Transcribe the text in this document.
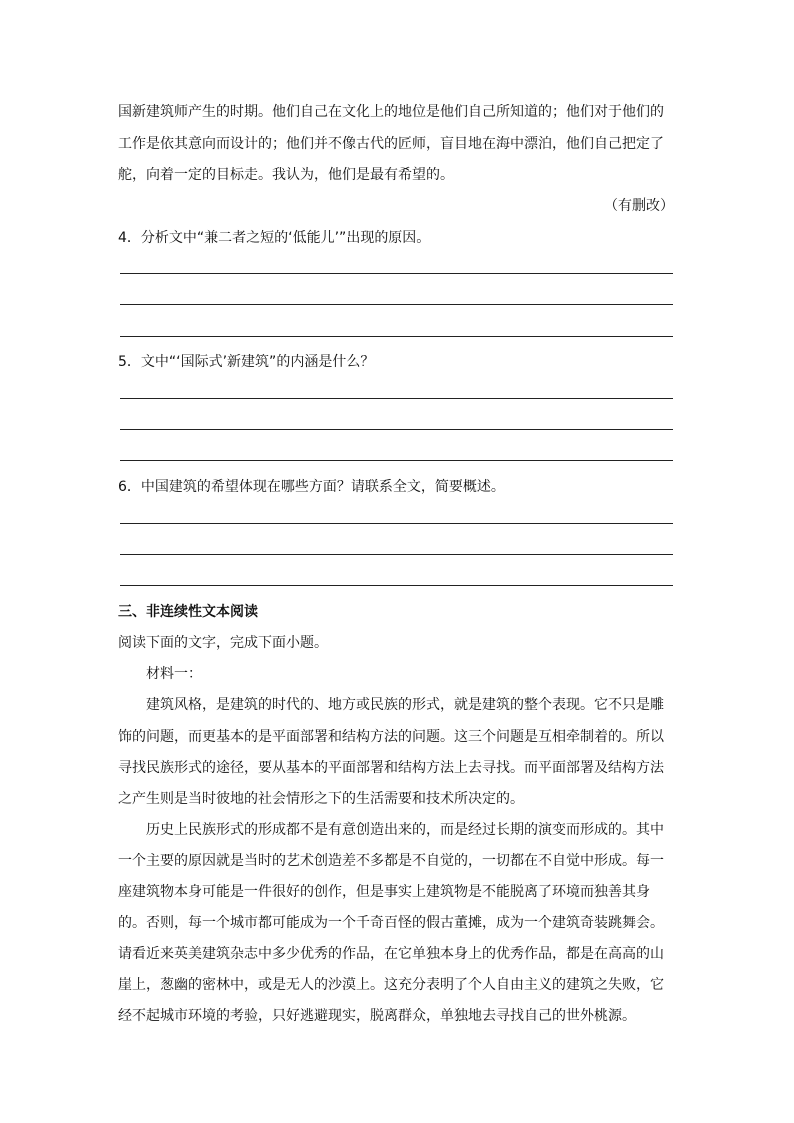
国新建筑师产生的时期。他们自己在文化上的地位是他们自己所知道的；他们对于他们的
工作是依其意向而设计的；他们并不像古代的匠师，盲目地在海中漂泊，他们自己把定了
舵，向着一定的目标走。我认为，他们是最有希望的。
（有删改）
4．分析文中“兼二者之短的‘低能儿’”出现的原因。
5．文中“‘国际式’新建筑”的内涵是什么？
6．中国建筑的希望体现在哪些方面？请联系全文，简要概述。
三、非连续性文本阅读
阅读下面的文字，完成下面小题。
材料一：
建筑风格，是建筑的时代的、地方或民族的形式，就是建筑的整个表现。它不只是雕
饰的问题，而更基本的是平面部署和结构方法的问题。这三个问题是互相牵制着的。所以
寻找民族形式的途径，要从基本的平面部署和结构方法上去寻找。而平面部署及结构方法
之产生则是当时彼地的社会情形之下的生活需要和技术所决定的。
历史上民族形式的形成都不是有意创造出来的，而是经过长期的演变而形成的。其中
一个主要的原因就是当时的艺术创造差不多都是不自觉的，一切都在不自觉中形成。每一
座建筑物本身可能是一件很好的创作，但是事实上建筑物是不能脱离了环境而独善其身
的。否则，每一个城市都可能成为一个千奇百怪的假古董摊，成为一个建筑奇装跳舞会。
请看近来英美建筑杂志中多少优秀的作品，在它单独本身上的优秀作品，都是在高高的山
崖上，葱幽的密林中，或是无人的沙漠上。这充分表明了个人自由主义的建筑之失败，它
经不起城市环境的考验，只好逃避现实，脱离群众，单独地去寻找自己的世外桃源。
